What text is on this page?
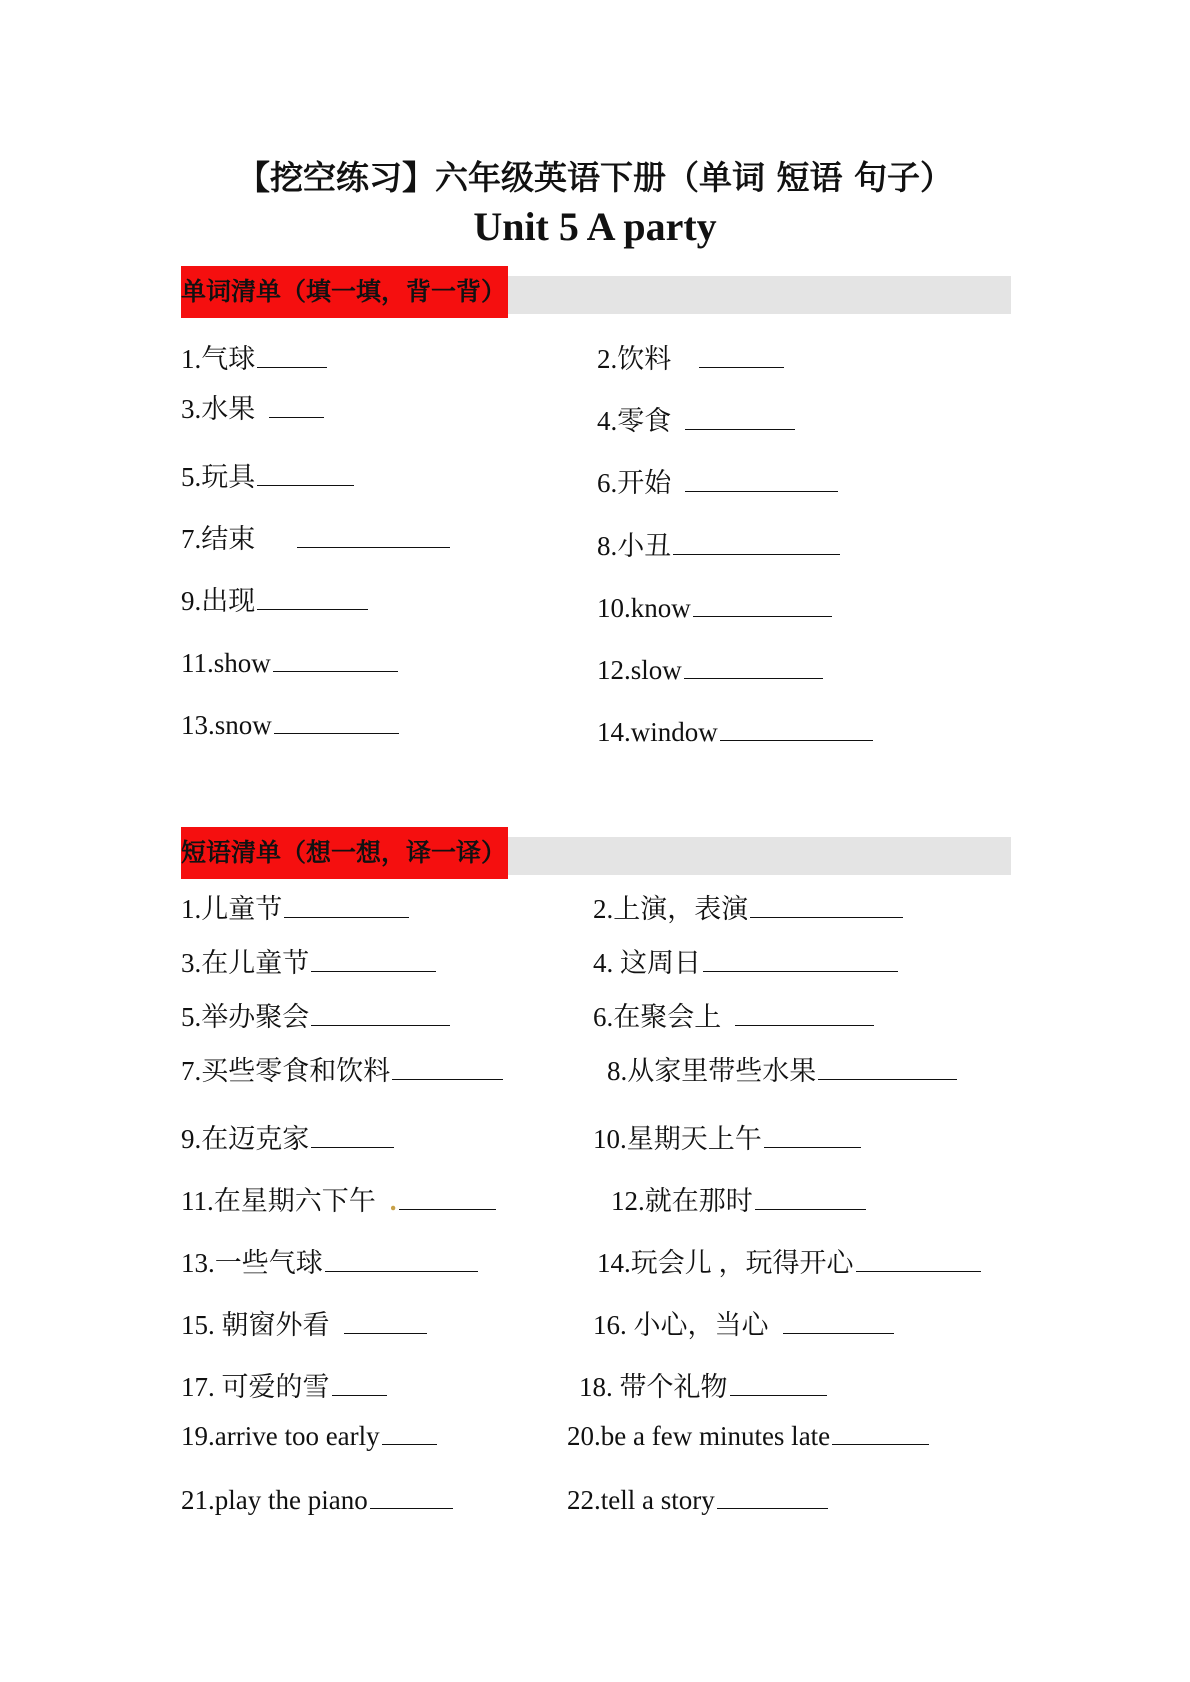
【挖空练习】六年级英语下册（单词 短语 句子）
Unit 5 A party
单词清单（填一填，背一背）
1.气球	2.饮料
3.水果	4.零食
5.玩具	6.开始
7.结束	8.小丑
9.出现	10.know
11.show	12.slow
13.snow	14.window
短语清单（想一想，译一译）
1.儿童节	2.上演，表演
3.在儿童节	4. 这周日
5.举办聚会	6.在聚会上
7.买些零食和饮料	8.从家里带些水果
9.在迈克家	10.星期天上午
11.在星期六下午 .	12.就在那时
13.一些气球	14.玩会儿 ，玩得开心
15. 朝窗外看	16. 小心，当心
17. 可爱的雪	18. 带个礼物
19.arrive too early	20.be a few minutes late
21.play the piano	22.tell a story
